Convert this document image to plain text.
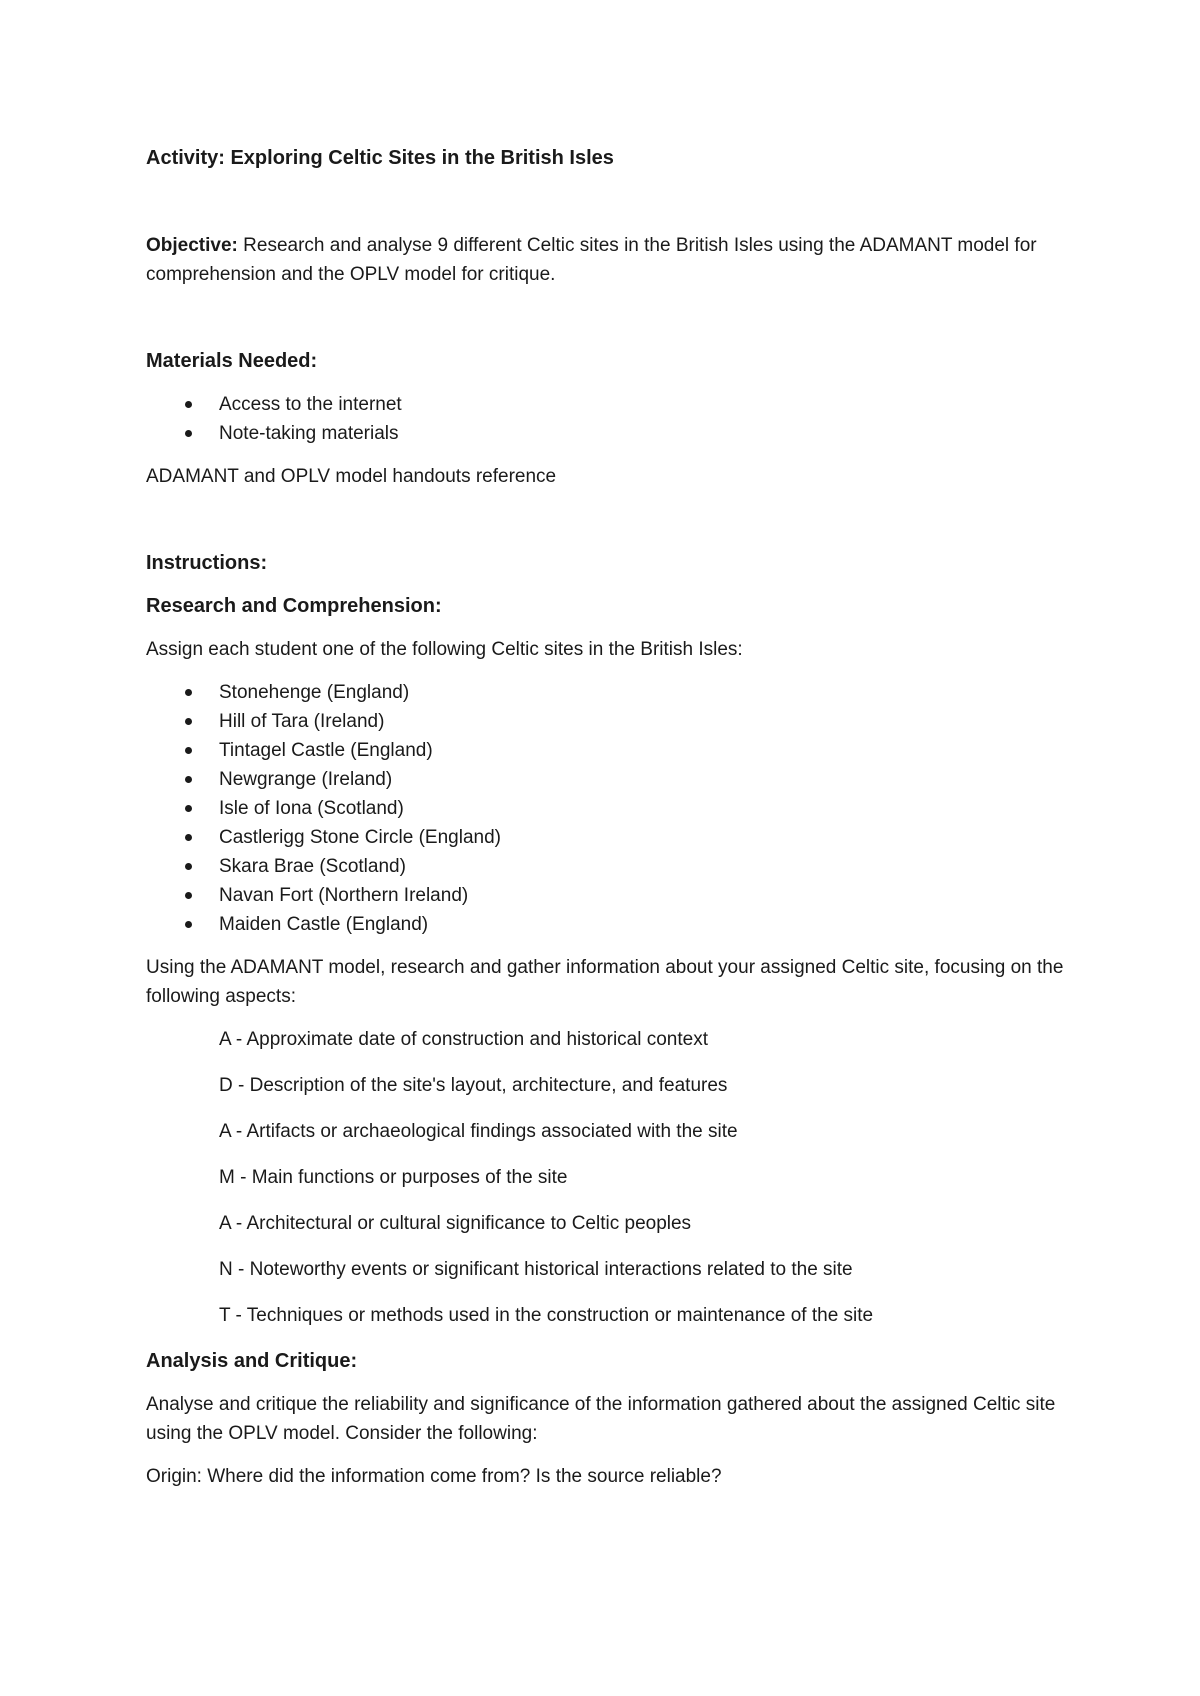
Activity: Exploring Celtic Sites in the British Isles
Objective: Research and analyse 9 different Celtic sites in the British Isles using the ADAMANT model for comprehension and the OPLV model for critique.
Materials Needed:
Access to the internet
Note-taking materials
ADAMANT and OPLV model handouts reference
Instructions:
Research and Comprehension:
Assign each student one of the following Celtic sites in the British Isles:
Stonehenge (England)
Hill of Tara (Ireland)
Tintagel Castle (England)
Newgrange (Ireland)
Isle of Iona (Scotland)
Castlerigg Stone Circle (England)
Skara Brae (Scotland)
Navan Fort (Northern Ireland)
Maiden Castle (England)
Using the ADAMANT model, research and gather information about your assigned Celtic site, focusing on the following aspects:
A - Approximate date of construction and historical context
D - Description of the site's layout, architecture, and features
A - Artifacts or archaeological findings associated with the site
M - Main functions or purposes of the site
A - Architectural or cultural significance to Celtic peoples
N - Noteworthy events or significant historical interactions related to the site
T - Techniques or methods used in the construction or maintenance of the site
Analysis and Critique:
Analyse and critique the reliability and significance of the information gathered about the assigned Celtic site using the OPLV model. Consider the following:
Origin: Where did the information come from? Is the source reliable?
